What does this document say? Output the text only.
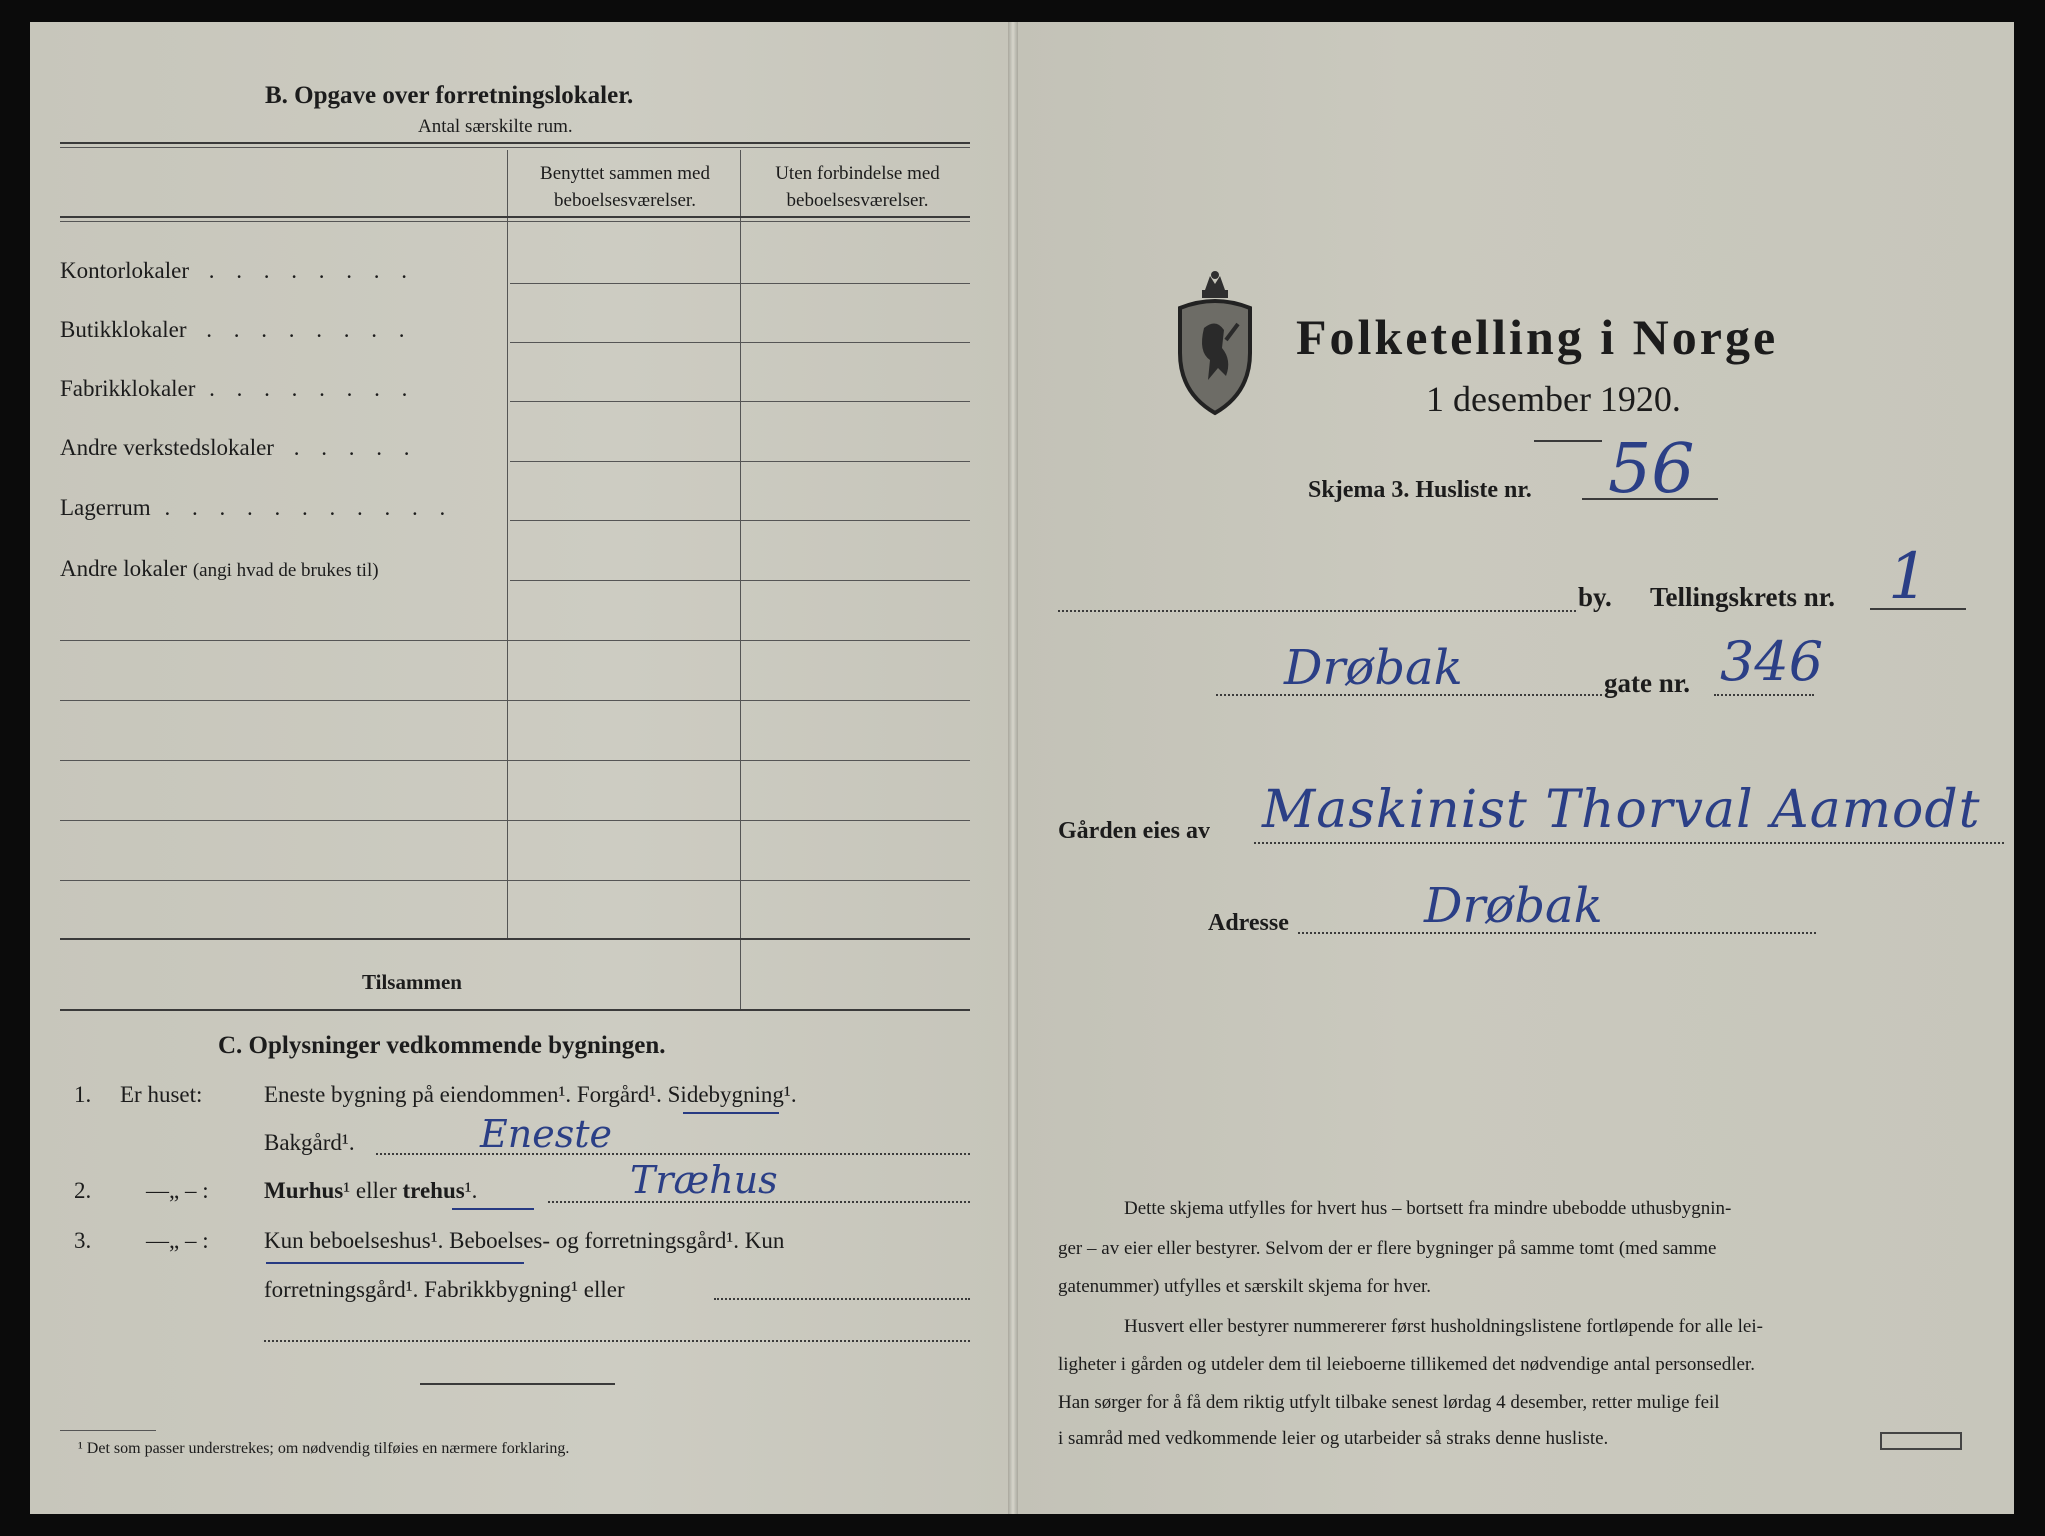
B. Opgave over forretningslokaler.
Antal særskilte rum.
Benyttet sammen med
beboelsesværelser.
Uten forbindelse med
beboelsesværelser.
Kontorlokaler . . . . . . . .
Butikklokaler . . . . . . . .
Fabrikklokaler . . . . . . . .
Andre verkstedslokaler . . . . .
Lagerrum . . . . . . . . . . .
Andre lokaler (angi hvad de brukes til)
Tilsammen
C. Oplysninger vedkommende bygningen.
1. Er huset:	Eneste bygning på eiendommen¹. Forgård¹. Sidebygning¹.
Bakgård¹.	Eneste
2. —„ – : Murhus¹ eller trehus¹.	Træhus
3. —„ – : Kun beboelseshus¹. Beboelses- og forretningsgård¹. Kun
forretningsgård¹. Fabrikkbygning¹ eller
¹ Det som passer understrekes; om nødvendig tilføies en nærmere forklaring.
Folketelling i Norge
1 desember 1920.
Skjema 3. Husliste nr. 56
by. Tellingskrets nr. 1
Drøbak	gate nr. 346
Gården eies av Maskinist Thorval Aamodt
Adresse	Drøbak
Dette skjema utfylles for hvert hus – bortsett fra mindre ubebodde uthusbygnin-
ger – av eier eller bestyrer. Selvom der er flere bygninger på samme tomt (med samme
gatenummer) utfylles et særskilt skjema for hver.
Husvert eller bestyrer nummererer først husholdningslistene fortløpende for alle lei-
ligheter i gården og utdeler dem til leieboerne tillikemed det nødvendige antal personsedler.
Han sørger for å få dem riktig utfylt tilbake senest lørdag 4 desember, retter mulige feil
i samråd med vedkommende leier og utarbeider så straks denne husliste.
